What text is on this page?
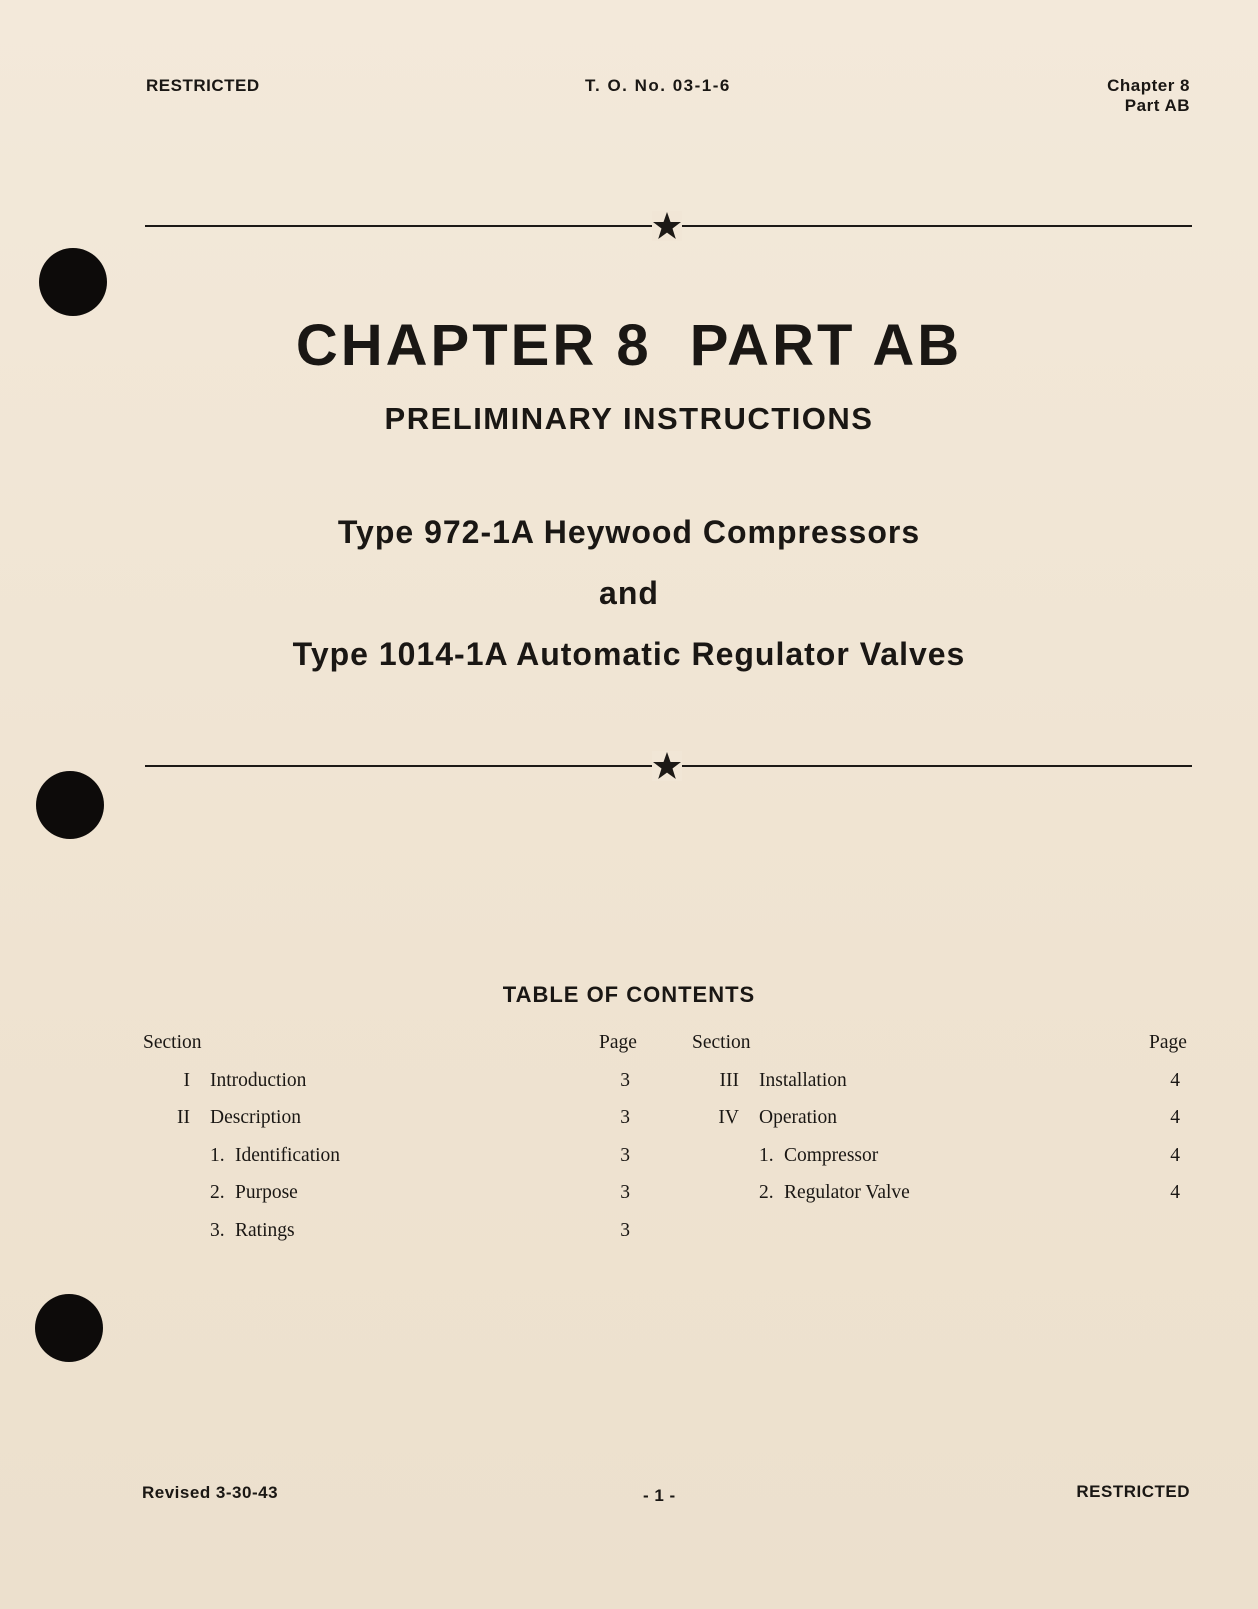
RESTRICTED	T. O. No. 03-1-6	Chapter 8
Part AB
CHAPTER 8  PART AB
PRELIMINARY INSTRUCTIONS
Type 972-1A Heywood Compressors
and
Type 1014-1A Automatic Regulator Valves
TABLE OF CONTENTS
Section	Page
I Introduction	3
II Description	3
1. Identification	3
2. Purpose	3
3. Ratings	3
Section	Page
III Installation	4
IV Operation	4
1. Compressor	4
2. Regulator Valve	4
Revised 3-30-43	- 1 -	RESTRICTED
